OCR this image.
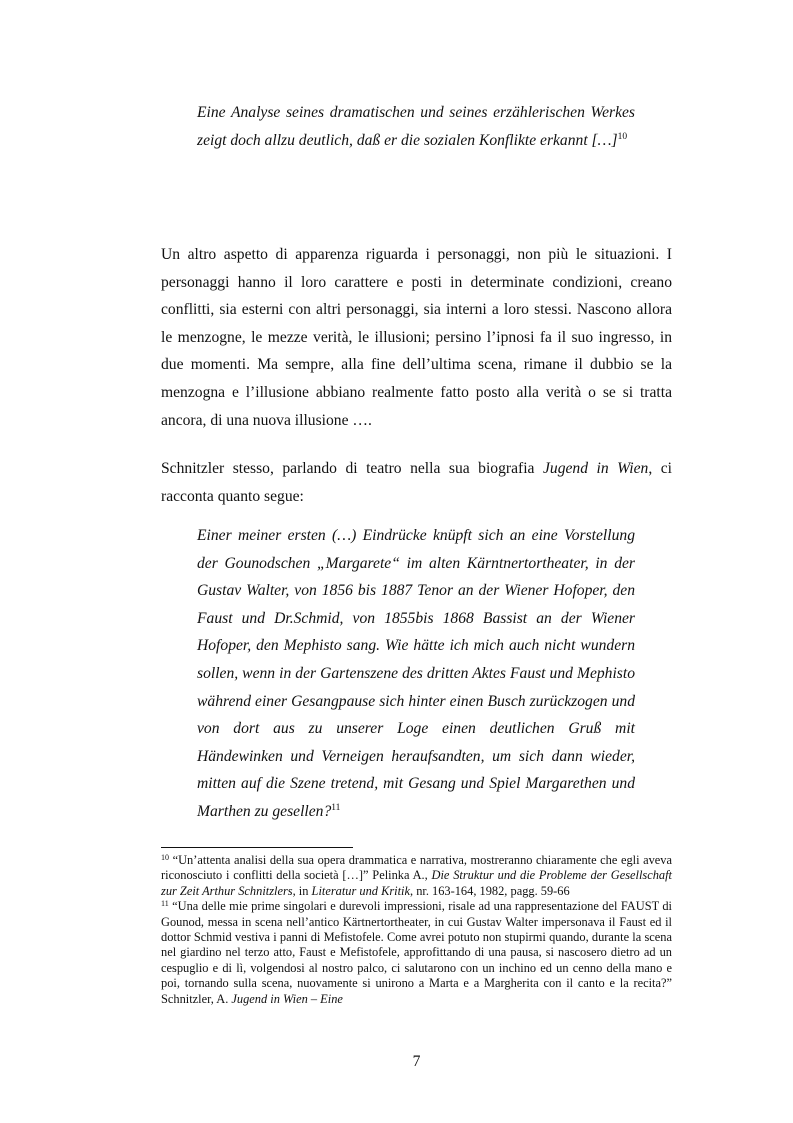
Eine Analyse seines dramatischen und seines erzählerischen Werkes zeigt doch allzu deutlich, daß er die sozialen Konflikte erkannt […]$^{10}$

Un altro aspetto di apparenza riguarda i personaggi, non più le situazioni. I personaggi hanno il loro carattere e posti in determinate condizioni, creano conflitti, sia esterni con altri personaggi, sia interni a loro stessi. Nascono allora le menzogne, le mezze verità, le illusioni; persino l’ipnosi fa il suo ingresso, in due momenti. Ma sempre, alla fine dell’ultima scena, rimane il dubbio se la menzogna e l’illusione abbiano realmente fatto posto alla verità o se si tratta ancora, di una nuova illusione ….

Schnitzler stesso, parlando di teatro nella sua biografia Jugend in Wien, ci racconta quanto segue:

Einer meiner ersten (…) Eindrücke knüpft sich an eine Vorstellung der Gounodschen „Margarete“ im alten Kärntnertortheater, in der Gustav Walter, von 1856 bis 1887 Tenor an der Wiener Hofoper, den Faust und Dr.Schmid, von 1855bis 1868 Bassist an der Wiener Hofoper, den Mephisto sang. Wie hätte ich mich auch nicht wundern sollen, wenn in der Gartenszene des dritten Aktes Faust und Mephisto während einer Gesangpause sich hinter einen Busch zurückzogen und von dort aus zu unserer Loge einen deutlichen Gruß mit Händewinken und Verneigen heraufsandten, um sich dann wieder, mitten auf die Szene tretend, mit Gesang und Spiel Margarethen und Marthen zu gesellen?$^{11}$

$^{10}$ “Un’attenta analisi della sua opera drammatica e narrativa, mostreranno chiaramente che egli aveva riconosciuto i conflitti della società […]” Pelinka A., Die Struktur und die Probleme der Gesellschaft zur Zeit Arthur Schnitzlers, in Literatur und Kritik, nr. 163-164, 1982, pagg. 59-66

$^{11}$ “Una delle mie prime singolari e durevoli impressioni, risale ad una rappresentazione del FAUST di Gounod, messa in scena nell’antico Kärtnertortheater, in cui Gustav Walter impersonava il Faust ed il dottor Schmid vestiva i panni di Mefistofele. Come avrei potuto non stupirmi quando, durante la scena nel giardino nel terzo atto, Faust e Mefistofele, approfittando di una pausa, si nascosero dietro ad un cespuglio e di lì, volgendosi al nostro palco, ci salutarono con un inchino ed un cenno della mano e poi, tornando sulla scena, nuovamente si unirono a Marta e a Margherita con il canto e la recita?” Schnitzler, A. Jugend in Wien – Eine

7
